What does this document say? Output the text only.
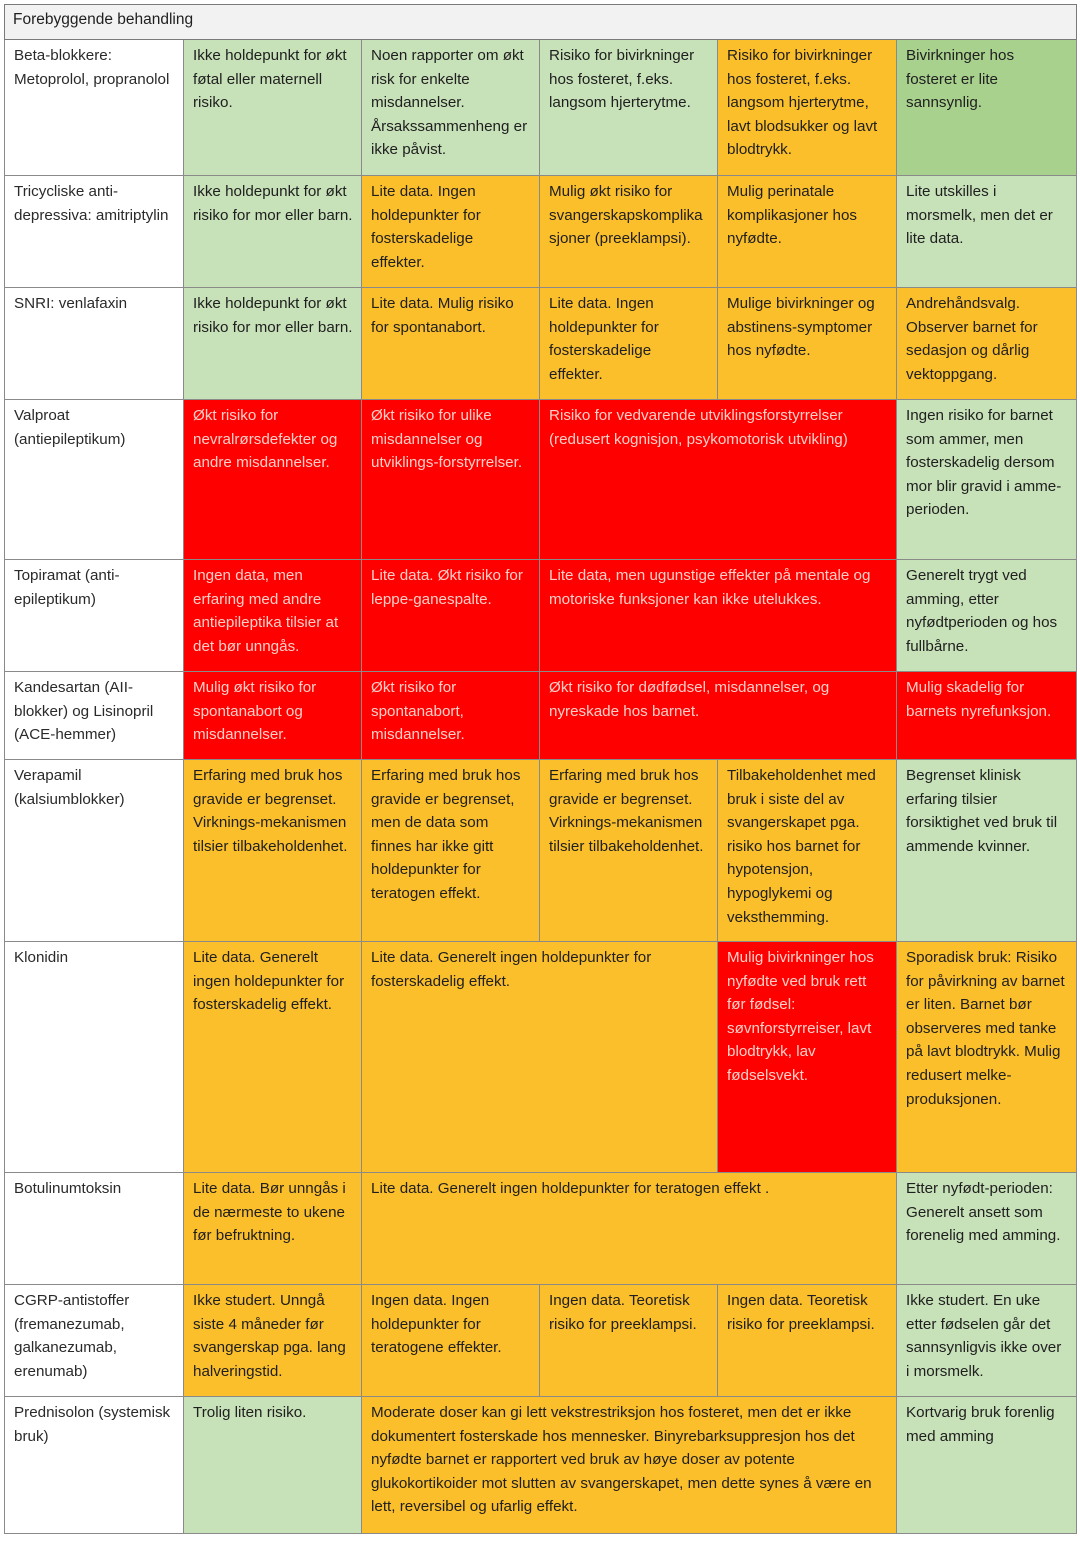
Forebyggende behandling					
Beta-blokkere: Metoprolol, propranolol	Ikke holdepunkt for økt føtal eller maternell risiko.	Noen rapporter om økt risk for enkelte misdannelser. Årsakssammenheng er ikke påvist.	Risiko for bivirkninger hos fosteret, f.eks. langsom hjerterytme.	Risiko for bivirkninger hos fosteret, f.eks. langsom hjerterytme, lavt blodsukker og lavt blodtrykk.	Bivirkninger hos fosteret er lite sannsynlig.
Tricycliske anti-depressiva: amitriptylin	Ikke holdepunkt for økt risiko for mor eller barn.	Lite data. Ingen holdepunkter for fosterskadelige effekter.	Mulig økt risiko for svangerskapskomplikasjoner (preeklampsi).	Mulig perinatale komplikasjoner hos nyfødte.	Lite utskilles i morsmelk, men det er lite data.
SNRI: venlafaxin	Ikke holdepunkt for økt risiko for mor eller barn.	Lite data. Mulig risiko for spontanabort.	Lite data. Ingen holdepunkter for fosterskadelige effekter.	Mulige bivirkninger og abstinens-symptomer hos nyfødte.	Andrehåndsvalg. Observer barnet for sedasjon og dårlig vektoppgang.
Valproat (antiepileptikum)	Økt risiko for nevralrørsdefekter og andre misdannelser.	Økt risiko for ulike misdannelser og utviklings-forstyrrelser.	Risiko for vedvarende utviklingsforstyrrelser (redusert kognisjon, psykomotorisk utvikling)		Ingen risiko for barnet som ammer, men fosterskadelig dersom mor blir gravid i amme-perioden.
Topiramat (anti-epileptikum)	Ingen data, men erfaring med andre antiepileptika tilsier at det bør unngås.	Lite data. Økt risiko for leppe-ganespalte.	Lite data, men ugunstige effekter på mentale og motoriske funksjoner kan ikke utelukkes.		Generelt trygt ved amming, etter nyfødtperioden og hos fullbårne.
Kandesartan (AII-blokker) og Lisinopril (ACE-hemmer)	Mulig økt risiko for spontanabort og misdannelser.	Økt risiko for spontanabort, misdannelser.	Økt risiko for dødfødsel, misdannelser, og nyreskade hos barnet.		Mulig skadelig for barnets nyrefunksjon.
Verapamil (kalsiumblokker)	Erfaring med bruk hos gravide er begrenset. Virknings-mekanismen tilsier tilbakeholdenhet.	Erfaring med bruk hos gravide er begrenset, men de data som finnes har ikke gitt holdepunkter for teratogen effekt.	Erfaring med bruk hos gravide er begrenset. Virknings-mekanismen tilsier tilbakeholdenhet.	Tilbakeholdenhet med bruk i siste del av svangerskapet pga. risiko hos barnet for hypotensjon, hypoglykemi og veksthemming.	Begrenset klinisk erfaring tilsier forsiktighet ved bruk til ammende kvinner.
Klonidin	Lite data. Generelt ingen holdepunkter for fosterskadelig effekt.	Lite data. Generelt ingen holdepunkter for fosterskadelig effekt.		Mulig bivirkninger hos nyfødte ved bruk rett før fødsel: søvnforstyrreiser, lavt blodtrykk, lav fødselsvekt.	Sporadisk bruk: Risiko for påvirkning av barnet er liten. Barnet bør observeres med tanke på lavt blodtrykk. Mulig redusert melke-produksjonen.
Botulinumtoksin	Lite data. Bør unngås i de nærmeste to ukene før befruktning.	Lite data. Generelt ingen holdepunkter for teratogen effekt .			Etter nyfødt-perioden: Generelt ansett som forenelig med amming.
CGRP-antistoffer (fremanezumab, galkanezumab, erenumab)	Ikke studert. Unngå siste 4 måneder før svangerskap pga. lang halveringstid.	Ingen data. Ingen holdepunkter for teratogene effekter.	Ingen data. Teoretisk risiko for preeklampsi.	Ingen data. Teoretisk risiko for preeklampsi.	Ikke studert. En uke etter fødselen går det sannsynligvis ikke over i morsmelk.
Prednisolon (systemisk bruk)	Trolig liten risiko.	Moderate doser kan gi lett vekstrestriksjon hos fosteret, men det er ikke dokumentert fosterskade hos mennesker. Binyrebarksuppresjon hos det nyfødte barnet er rapportert ved bruk av høye doser av potente glukokortikoider mot slutten av svangerskapet, men dette synes å være en lett, reversibel og ufarlig effekt.			Kortvarig bruk forenlig med amming
